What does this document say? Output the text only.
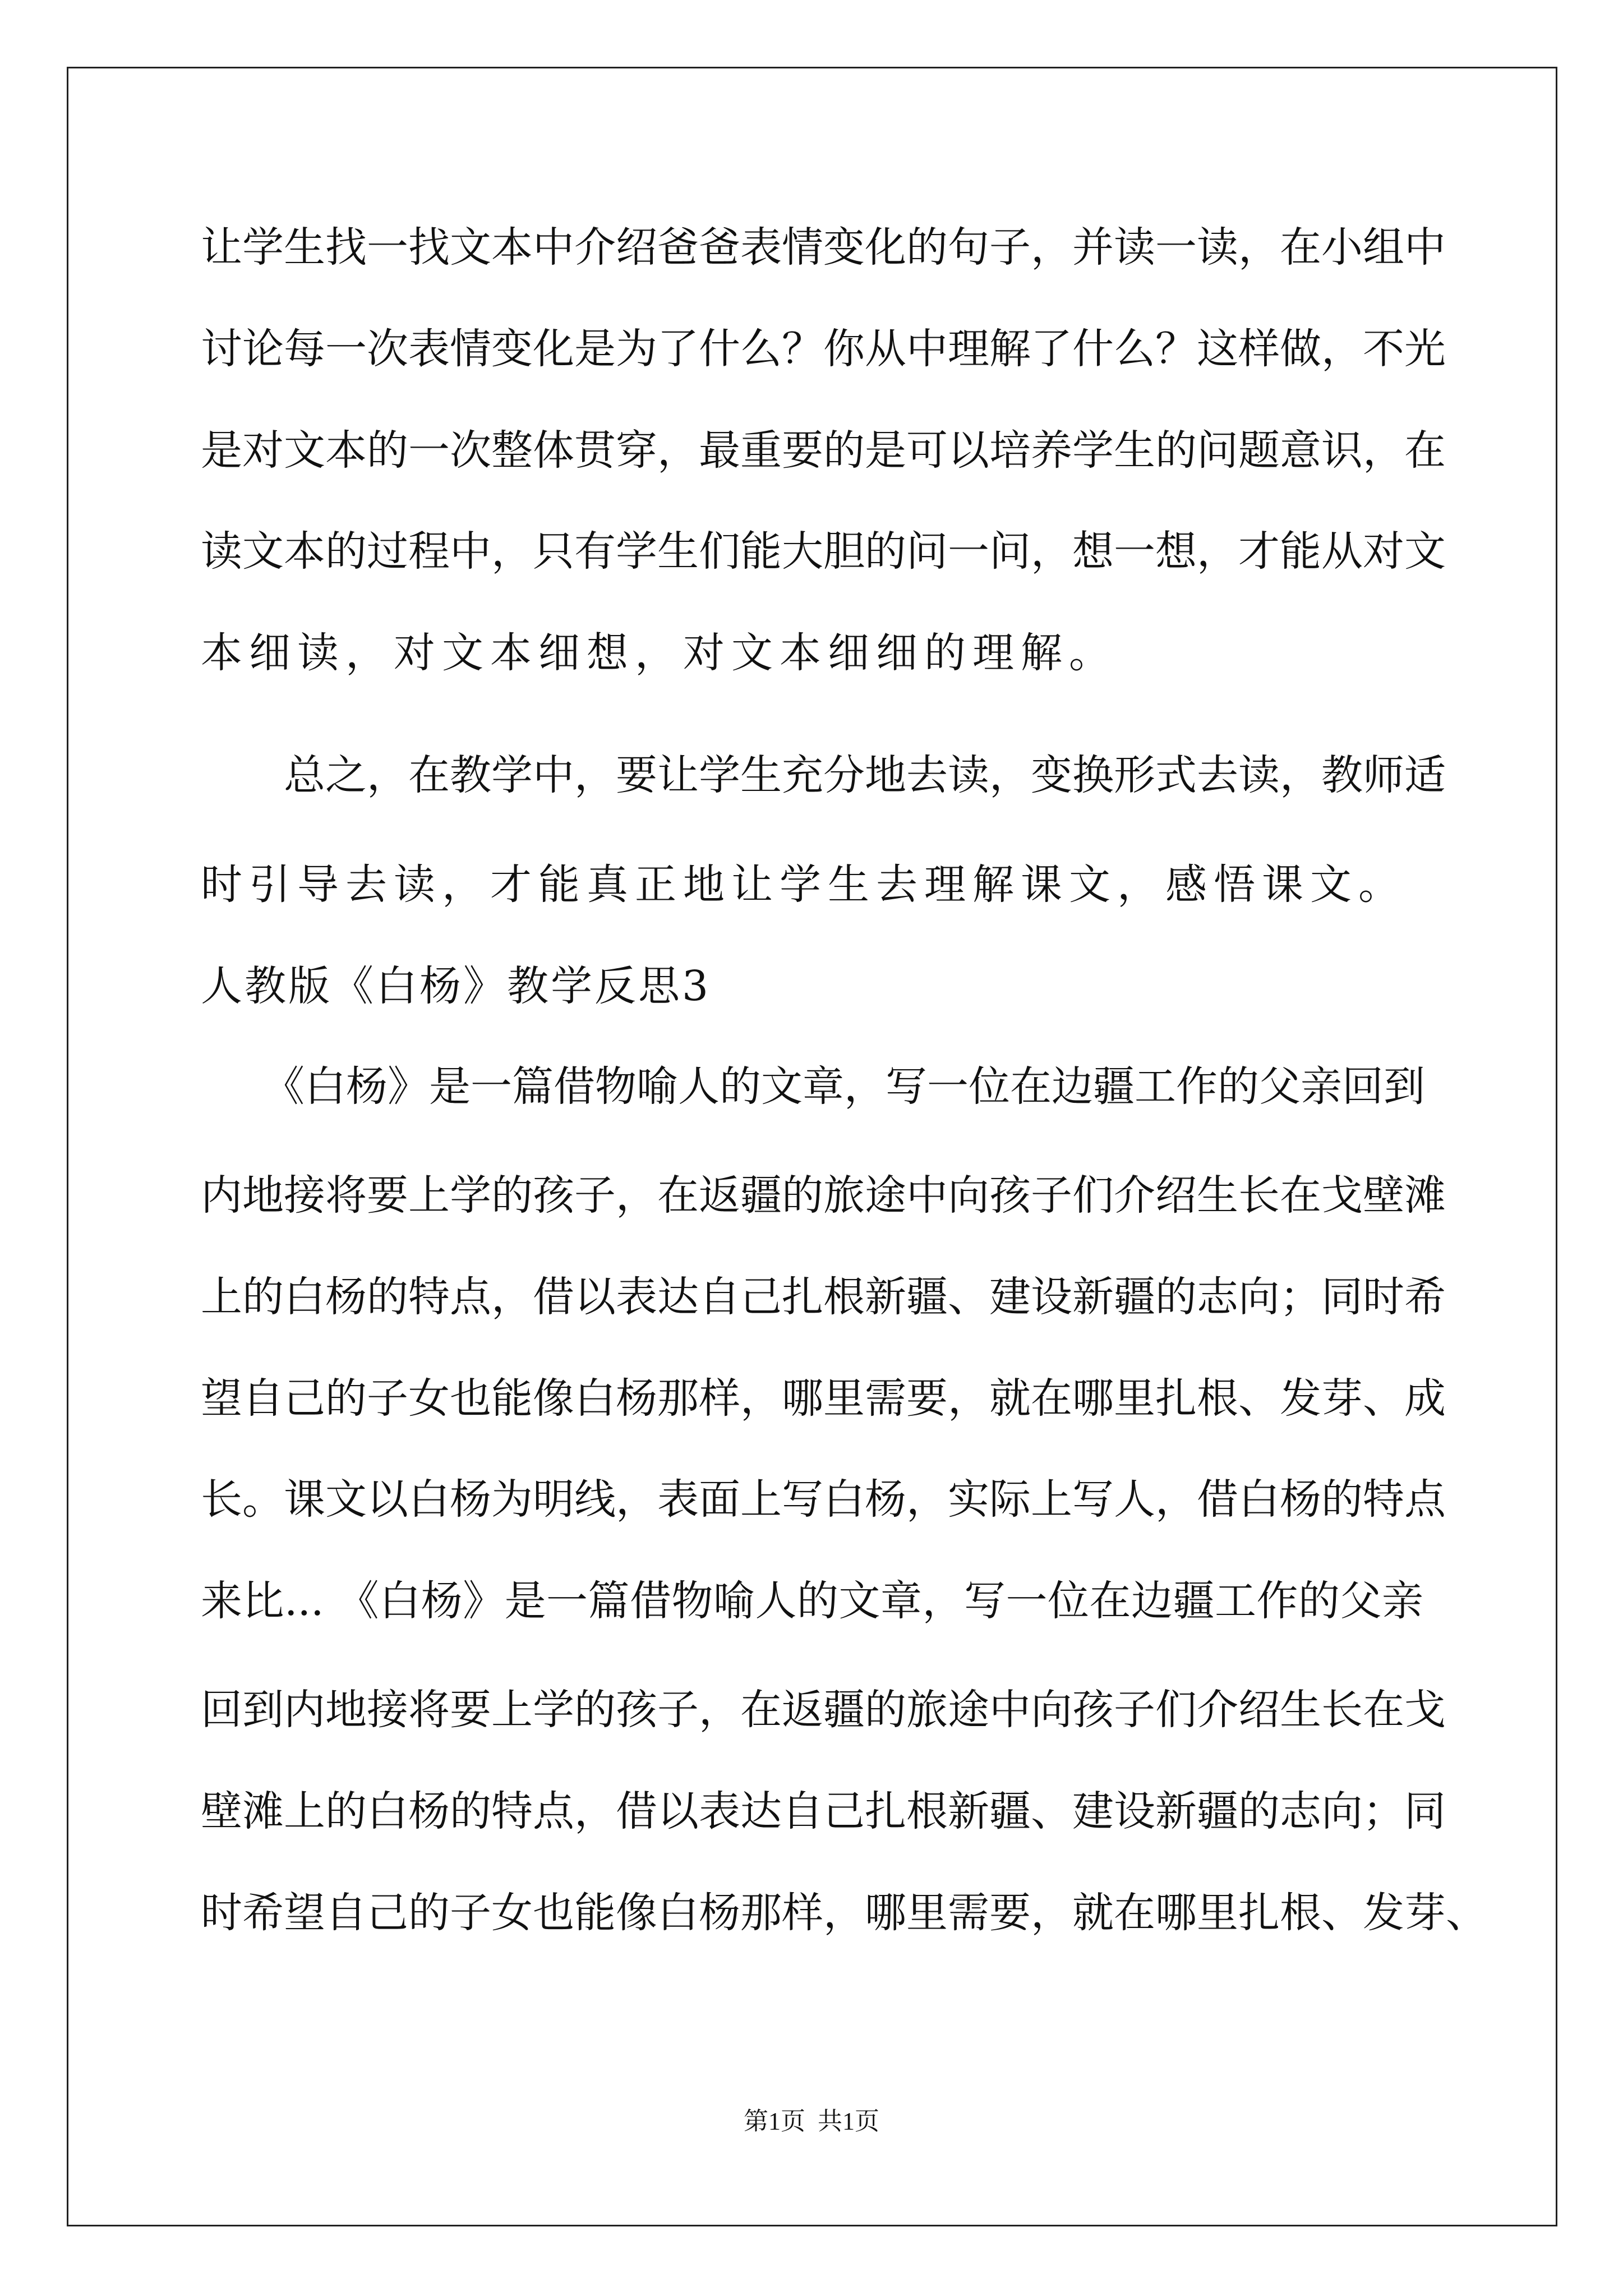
让学生找一找文本中介绍爸爸表情变化的句子，并读一读，在小组中
讨论每一次表情变化是为了什么？你从中理解了什么？这样做，不光
是对文本的一次整体贯穿，最重要的是可以培养学生的问题意识，在
读文本的过程中，只有学生们能大胆的问一问，想一想，才能从对文
本细读，对文本细想，对文本细细的理解。
　　总之，在教学中，要让学生充分地去读，变换形式去读，教师适
时引导去读，才能真正地让学生去理解课文，感悟课文。
人教版《白杨》教学反思3
　　《白杨》是一篇借物喻人的文章，写一位在边疆工作的父亲回到
内地接将要上学的孩子，在返疆的旅途中向孩子们介绍生长在戈壁滩
上的白杨的特点，借以表达自己扎根新疆、建设新疆的志向；同时希
望自己的子女也能像白杨那样，哪里需要，就在哪里扎根、发芽、成
长。课文以白杨为明线，表面上写白杨，实际上写人，借白杨的特点
来比... 《白杨》是一篇借物喻人的文章，写一位在边疆工作的父亲
回到内地接将要上学的孩子，在返疆的旅途中向孩子们介绍生长在戈
壁滩上的白杨的特点，借以表达自己扎根新疆、建设新疆的志向；同
时希望自己的子女也能像白杨那样，哪里需要，就在哪里扎根、发芽、
第1页  共1页
